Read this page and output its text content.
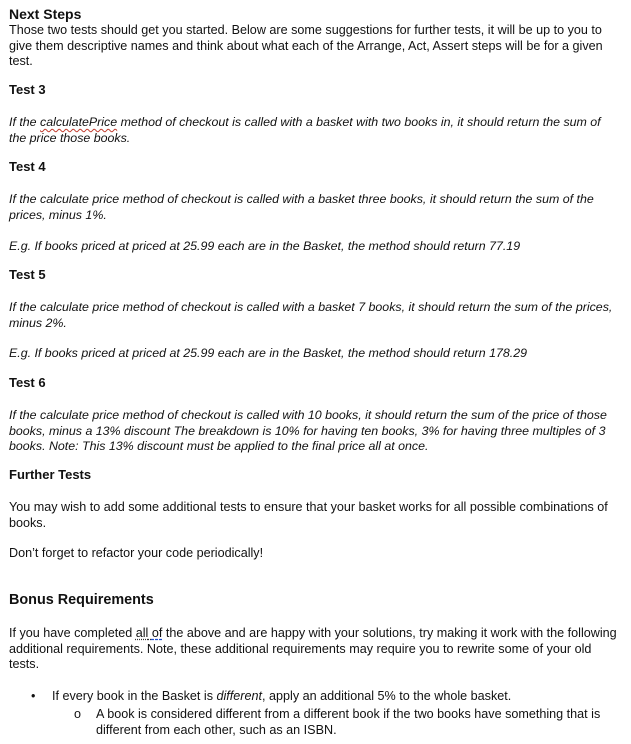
Next Steps

Those two tests should get you started. Below are some suggestions for further tests, it will be up to you to give them descriptive names and think about what each of the Arrange, Act, Assert steps will be for a given test.

Test 3

If the calculatePrice method of checkout is called with a basket with two books in, it should return the sum of the price those books.

Test 4

If the calculate price method of checkout is called with a basket three books, it should return the sum of the prices, minus 1%.

E.g. If books priced at priced at 25.99 each are in the Basket, the method should return 77.19

Test 5

If the calculate price method of checkout is called with a basket 7 books, it should return the sum of the prices, minus 2%.

E.g. If books priced at priced at 25.99 each are in the Basket, the method should return 178.29

Test 6

If the calculate price method of checkout is called with 10 books, it should return the sum of the price of those books, minus a 13% discount The breakdown is 10% for having ten books, 3% for having three multiples of 3 books. Note: This 13% discount must be applied to the final price all at once.

Further Tests

You may wish to add some additional tests to ensure that your basket works for all possible combinations of books.

Don’t forget to refactor your code periodically!

Bonus Requirements

If you have completed all of the above and are happy with your solutions, try making it work with the following additional requirements. Note, these additional requirements may require you to rewrite some of your old tests.

• If every book in the Basket is different, apply an additional 5% to the whole basket.
o A book is considered different from a different book if the two books have something that is different from each other, such as an ISBN.
